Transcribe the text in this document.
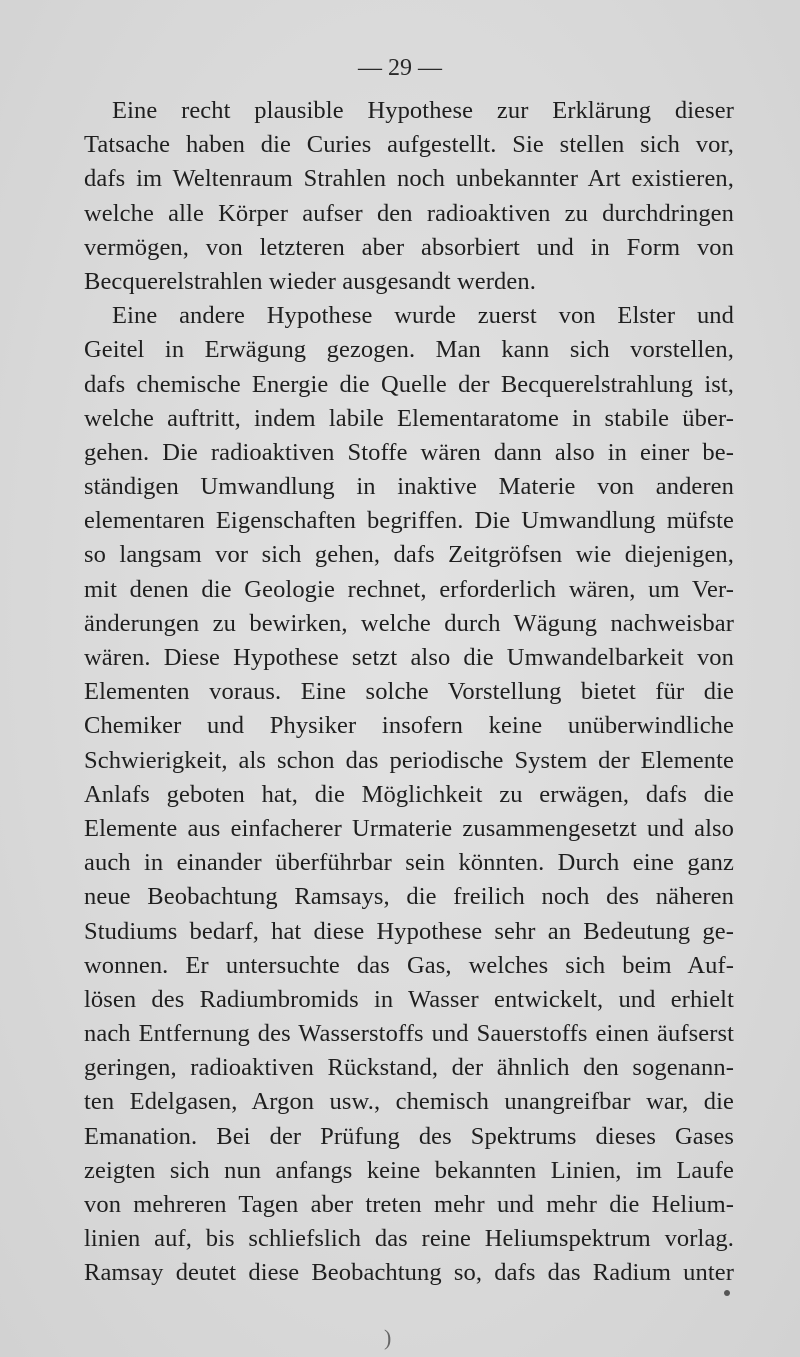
— 29 —
Eine recht plausible Hypothese zur Erklärung dieser
Tatsache haben die Curies aufgestellt. Sie stellen sich vor,
dafs im Weltenraum Strahlen noch unbekannter Art existieren,
welche alle Körper aufser den radioaktiven zu durchdringen
vermögen, von letzteren aber absorbiert und in Form von
Becquerelstrahlen wieder ausgesandt werden.
Eine andere Hypothese wurde zuerst von Elster und
Geitel in Erwägung gezogen. Man kann sich vorstellen,
dafs chemische Energie die Quelle der Becquerelstrahlung ist,
welche auftritt, indem labile Elementaratome in stabile über-
gehen. Die radioaktiven Stoffe wären dann also in einer be-
ständigen Umwandlung in inaktive Materie von anderen
elementaren Eigenschaften begriffen. Die Umwandlung müfste
so langsam vor sich gehen, dafs Zeitgröfsen wie diejenigen,
mit denen die Geologie rechnet, erforderlich wären, um Ver-
änderungen zu bewirken, welche durch Wägung nachweisbar
wären. Diese Hypothese setzt also die Umwandelbarkeit von
Elementen voraus. Eine solche Vorstellung bietet für die
Chemiker und Physiker insofern keine unüberwindliche
Schwierigkeit, als schon das periodische System der Elemente
Anlafs geboten hat, die Möglichkeit zu erwägen, dafs die
Elemente aus einfacherer Urmaterie zusammengesetzt und also
auch in einander überführbar sein könnten. Durch eine ganz
neue Beobachtung Ramsays, die freilich noch des näheren
Studiums bedarf, hat diese Hypothese sehr an Bedeutung ge-
wonnen. Er untersuchte das Gas, welches sich beim Auf-
lösen des Radiumbromids in Wasser entwickelt, und erhielt
nach Entfernung des Wasserstoffs und Sauerstoffs einen äufserst
geringen, radioaktiven Rückstand, der ähnlich den sogenann-
ten Edelgasen, Argon usw., chemisch unangreifbar war, die
Emanation. Bei der Prüfung des Spektrums dieses Gases
zeigten sich nun anfangs keine bekannten Linien, im Laufe
von mehreren Tagen aber treten mehr und mehr die Helium-
linien auf, bis schliefslich das reine Heliumspektrum vorlag.
Ramsay deutet diese Beobachtung so, dafs das Radium unter
)
